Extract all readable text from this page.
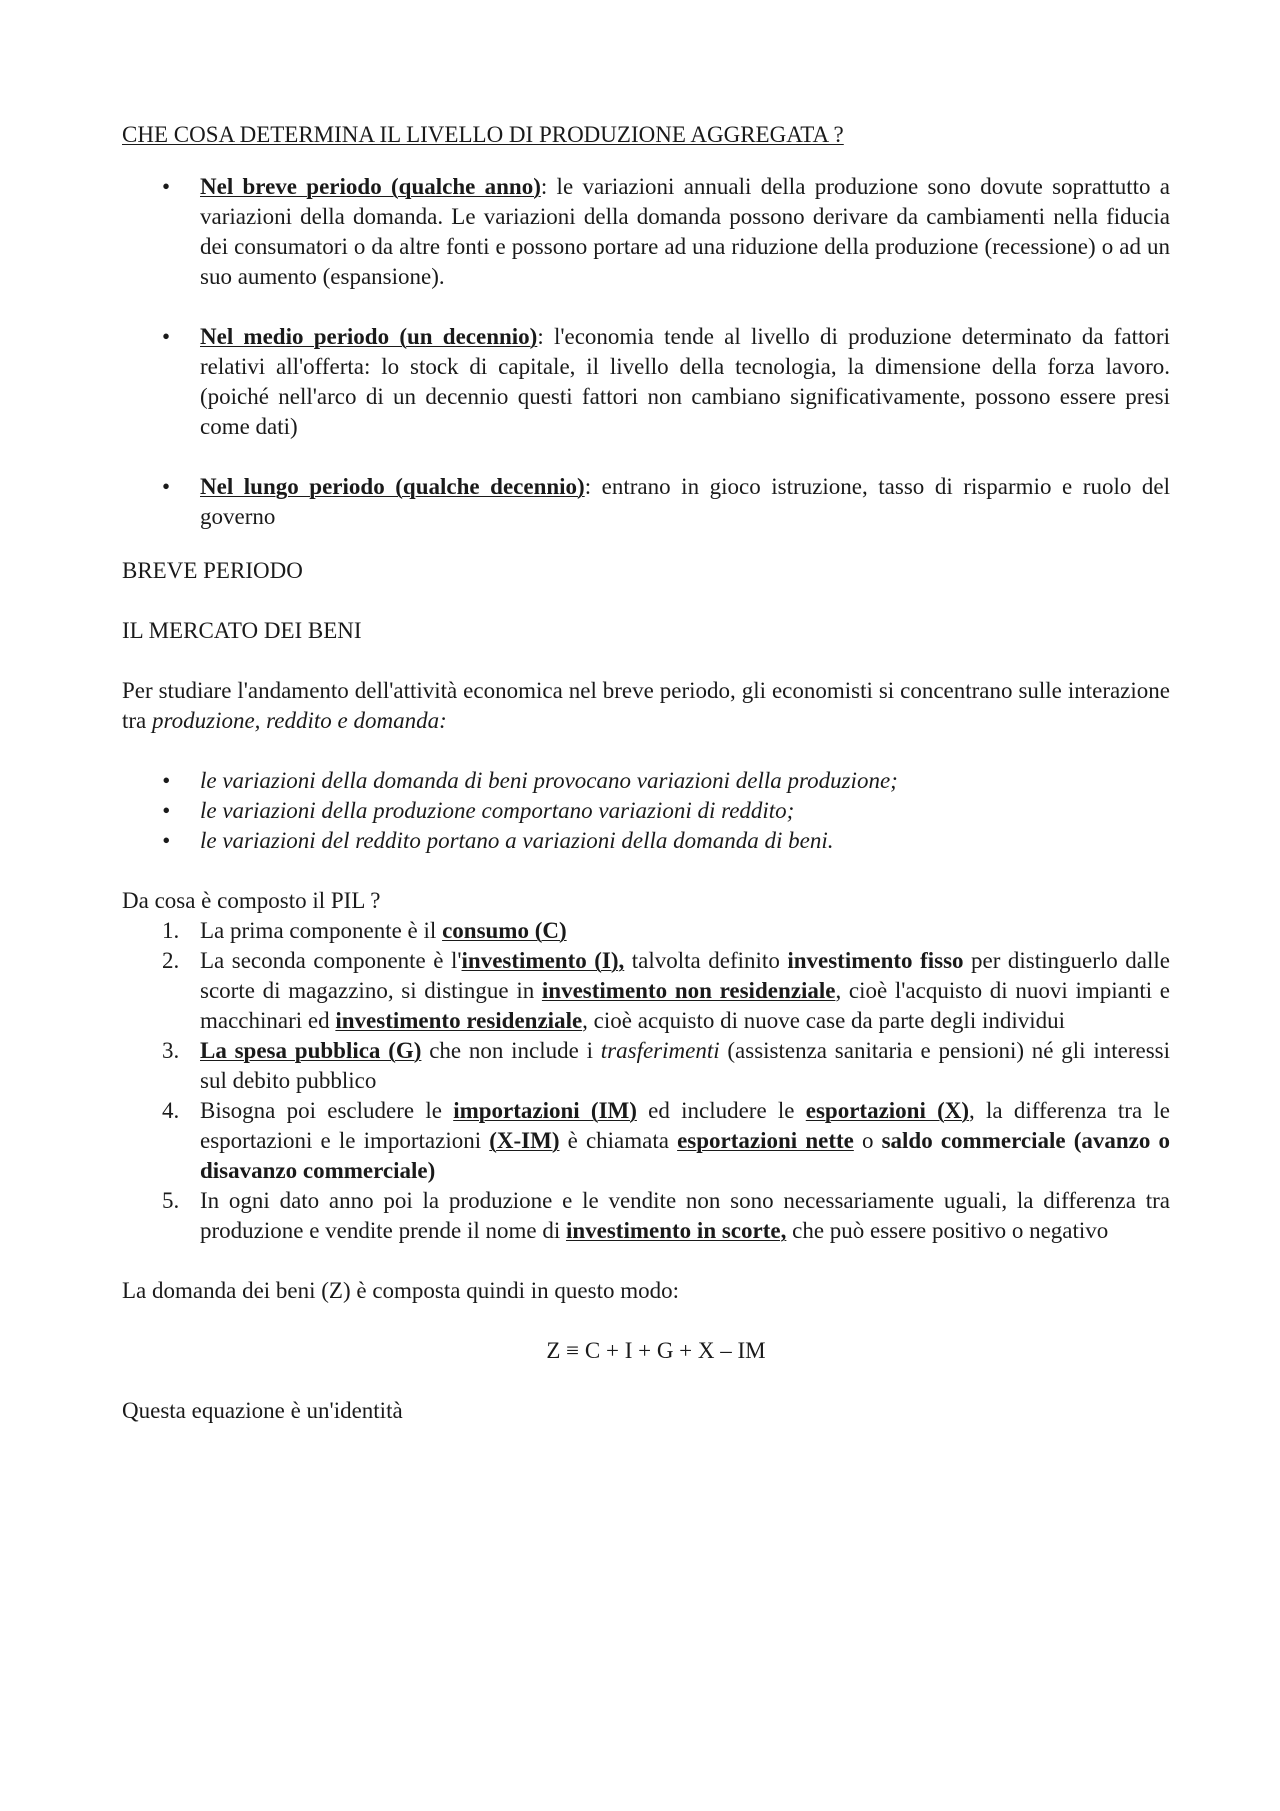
CHE COSA DETERMINA IL LIVELLO DI PRODUZIONE AGGREGATA ?

• Nel breve periodo (qualche anno): le variazioni annuali della produzione sono dovute soprattutto a variazioni della domanda. Le variazioni della domanda possono derivare da cambiamenti nella fiducia dei consumatori o da altre fonti e possono portare ad una riduzione della produzione (recessione) o ad un suo aumento (espansione).
• Nel medio periodo (un decennio): l'economia tende al livello di produzione determinato da fattori relativi all'offerta: lo stock di capitale, il livello della tecnologia, la dimensione della forza lavoro. (poiché nell'arco di un decennio questi fattori non cambiano significativamente, possono essere presi come dati)
• Nel lungo periodo (qualche decennio): entrano in gioco istruzione, tasso di risparmio e ruolo del governo

BREVE PERIODO

IL MERCATO DEI BENI

Per studiare l'andamento dell'attività economica nel breve periodo, gli economisti si concentrano sulle interazione tra produzione, reddito e domanda:

• le variazioni della domanda di beni provocano variazioni della produzione;
• le variazioni della produzione comportano variazioni di reddito;
• le variazioni del reddito portano a variazioni della domanda di beni.

Da cosa è composto il PIL ?

1. La prima componente è il consumo (C)
2. La seconda componente è l'investimento (I), talvolta definito investimento fisso per distinguerlo dalle scorte di magazzino, si distingue in investimento non residenziale, cioè l'acquisto di nuovi impianti e macchinari ed investimento residenziale, cioè acquisto di nuove case da parte degli individui
3. La spesa pubblica (G) che non include i trasferimenti (assistenza sanitaria e pensioni) né gli interessi sul debito pubblico
4. Bisogna poi escludere le importazioni (IM) ed includere le esportazioni (X), la differenza tra le esportazioni e le importazioni (X-IM) è chiamata esportazioni nette o saldo commerciale (avanzo o disavanzo commerciale)
5. In ogni dato anno poi la produzione e le vendite non sono necessariamente uguali, la differenza tra produzione e vendite prende il nome di investimento in scorte, che può essere positivo o negativo

La domanda dei beni (Z) è composta quindi in questo modo:

Z ≡ C + I + G + X – IM

Questa equazione è un'identità
